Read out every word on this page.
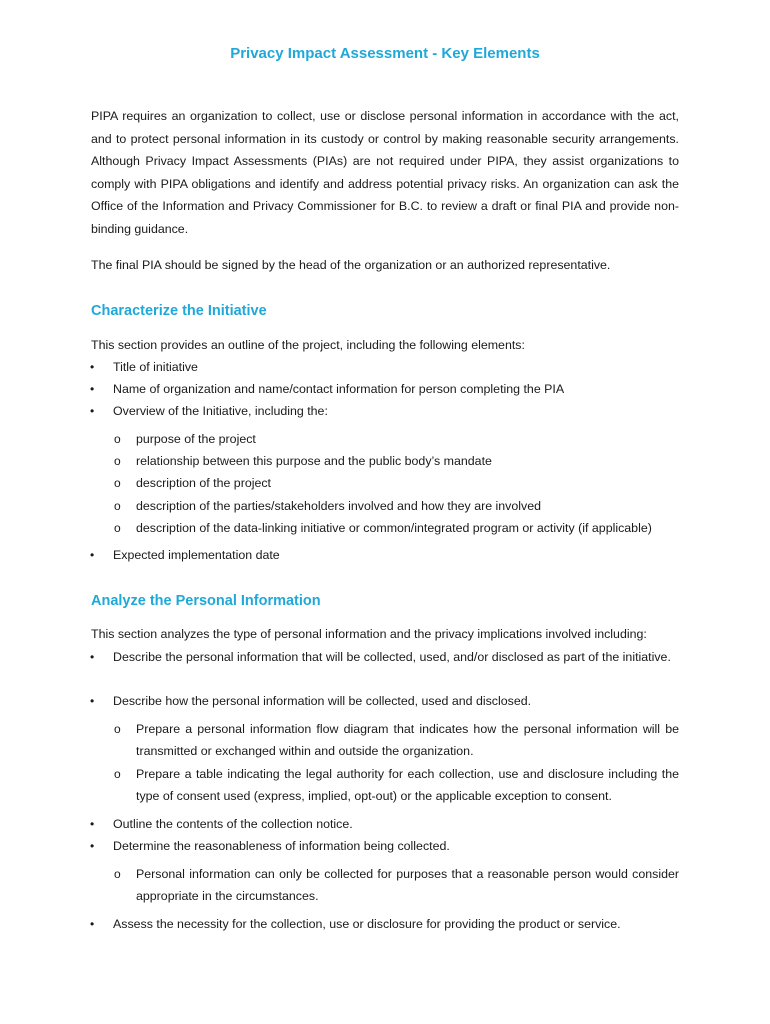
Privacy Impact Assessment - Key Elements

PIPA requires an organization to collect, use or disclose personal information in accordance with the act, and to protect personal information in its custody or control by making reasonable security arrangements. Although Privacy Impact Assessments (PIAs) are not required under PIPA, they assist organizations to comply with PIPA obligations and identify and address potential privacy risks. An organization can ask the Office of the Information and Privacy Commissioner for B.C. to review a draft or final PIA and provide non-binding guidance.

The final PIA should be signed by the head of the organization or an authorized representative.

Characterize the Initiative
This section provides an outline of the project, including the following elements:
• Title of initiative
• Name of organization and name/contact information for person completing the PIA
• Overview of the Initiative, including the:
o purpose of the project
o relationship between this purpose and the public body’s mandate
o description of the project
o description of the parties/stakeholders involved and how they are involved
o description of the data-linking initiative or common/integrated program or activity (if applicable)
• Expected implementation date
Analyze the Personal Information
This section analyzes the type of personal information and the privacy implications involved including:
• Describe the personal information that will be collected, used, and/or disclosed as part of the initiative.
• Describe how the personal information will be collected, used and disclosed.
o Prepare a personal information flow diagram that indicates how the personal information will be transmitted or exchanged within and outside the organization.
o Prepare a table indicating the legal authority for each collection, use and disclosure including the type of consent used (express, implied, opt-out) or the applicable exception to consent.
• Outline the contents of the collection notice.
• Determine the reasonableness of information being collected.
o Personal information can only be collected for purposes that a reasonable person would consider appropriate in the circumstances.
• Assess the necessity for the collection, use or disclosure for providing the product or service.
